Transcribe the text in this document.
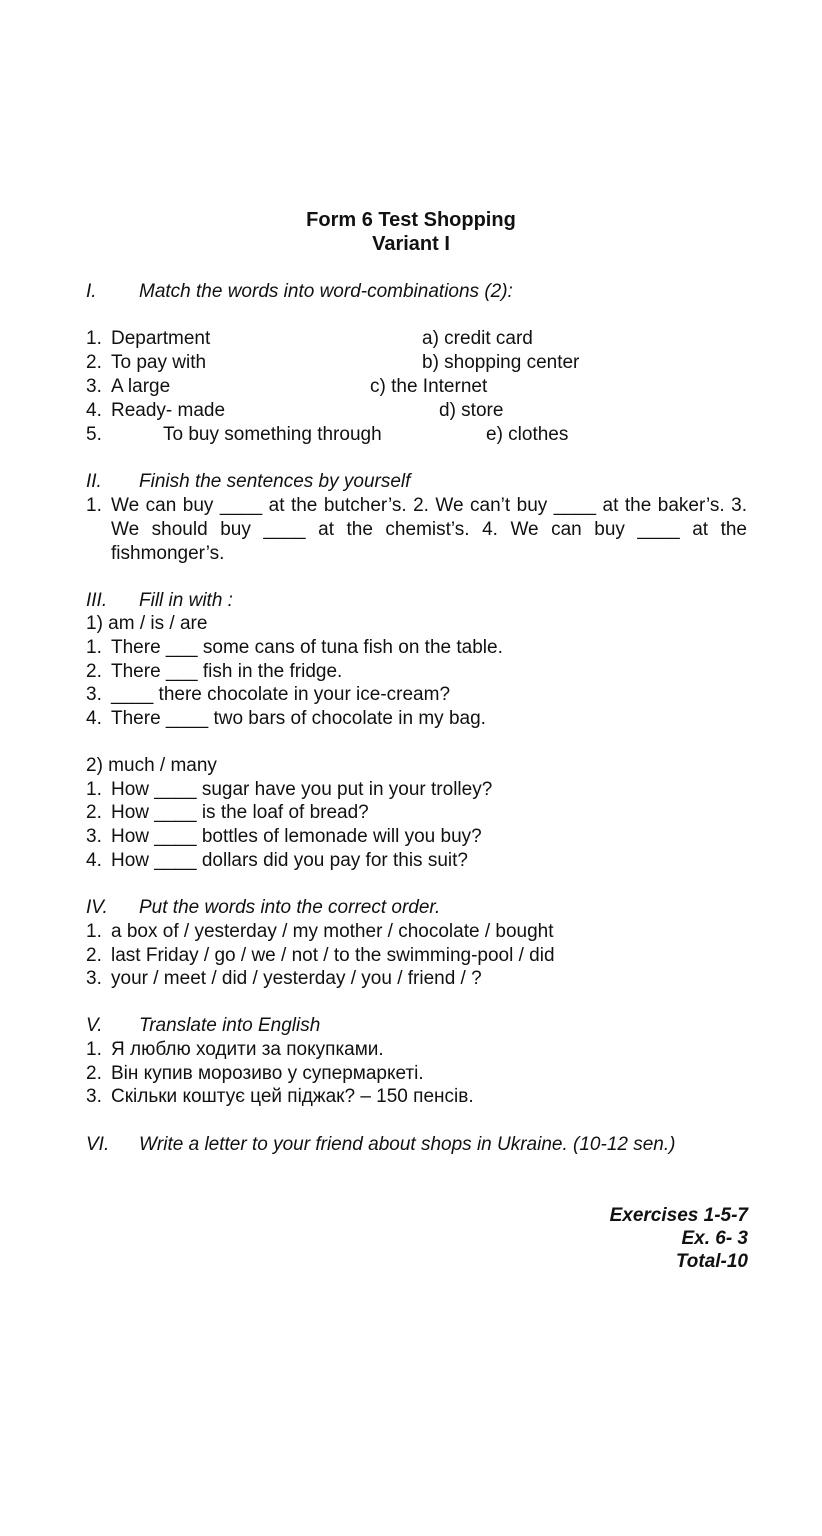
Form 6 Test Shopping
Variant I
I. Match the words into word-combinations (2):
1. Department	a) credit card
2. To pay with	b) shopping center
3. A large	c) the Internet
4. Ready- made	d) store
5.	To buy something through	e) clothes
II. Finish the sentences by yourself
1. We can buy ____ at the butcher’s. 2. We can’t buy ____ at the baker’s. 3. We should buy ____ at the chemist’s. 4. We can buy ____ at the fishmonger’s.
III. Fill in with :
1) am / is / are
1. There ___ some cans of tuna fish on the table.
2. There ___ fish in the fridge.
3. ____ there chocolate in your ice-cream?
4. There ____ two bars of chocolate in my bag.
2) much / many
1. How ____ sugar have you put in your trolley?
2. How ____ is the loaf of bread?
3. How ____ bottles of lemonade will you buy?
4. How ____ dollars did you pay for this suit?
IV. Put the words into the correct order.
1. a box of / yesterday / my mother / chocolate / bought
2. last Friday / go / we / not / to the swimming-pool / did
3. your / meet / did / yesterday / you / friend / ?
V. Translate into English
1. Я люблю ходити за покупками.
2. Він купив морозиво у супермаркеті.
3. Скільки коштує цей піджак? – 150 пенсів.
VI. Write a letter to your friend about shops in Ukraine. (10-12 sen.)
Exercises 1-5-7
Ex. 6- 3
Total-10
